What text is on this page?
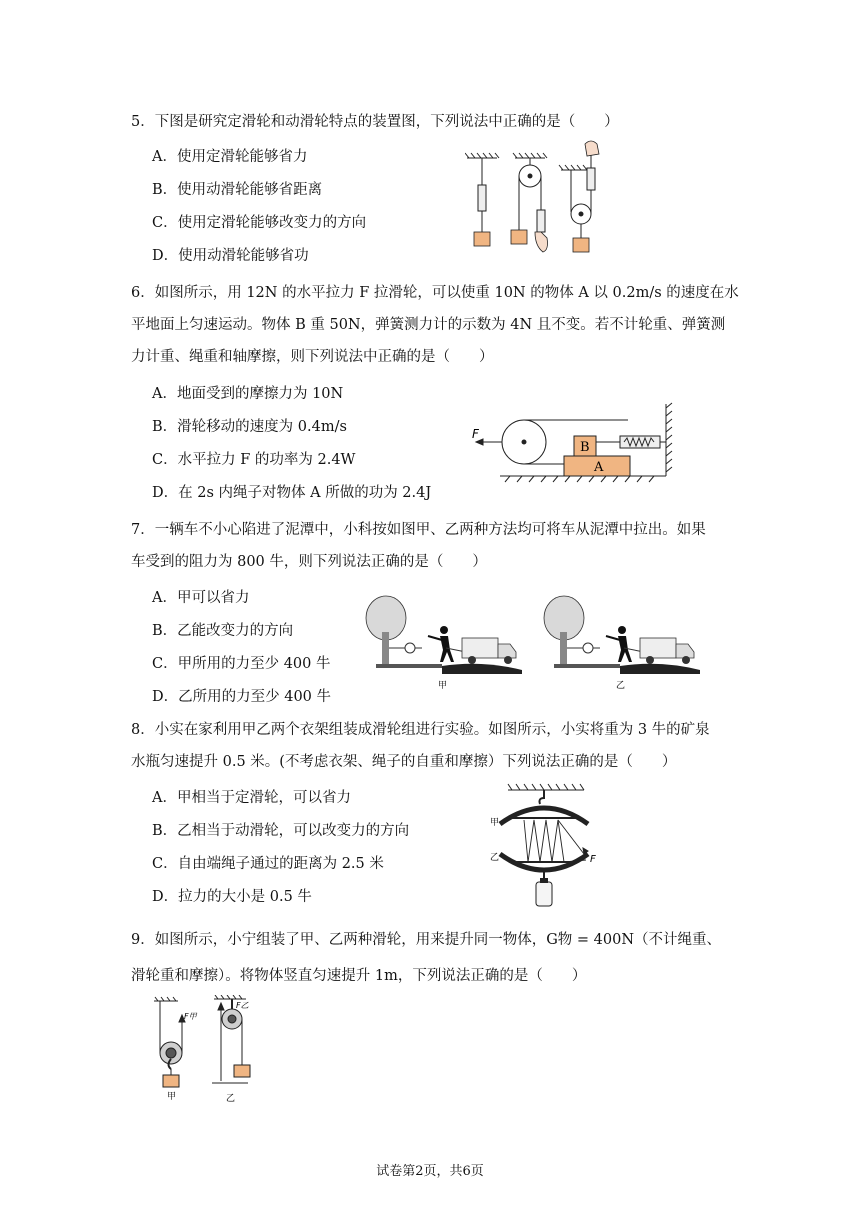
5．下图是研究定滑轮和动滑轮特点的装置图，下列说法中正确的是（　　）
A．使用定滑轮能够省力
B．使用动滑轮能够省距离
C．使用定滑轮能够改变力的方向
D．使用动滑轮能够省功
6．如图所示，用 12N 的水平拉力 F 拉滑轮，可以使重 10N 的物体 A 以 0.2m/s 的速度在水
平地面上匀速运动。物体 B 重 50N，弹簧测力计的示数为 4N 且不变。若不计轮重、弹簧测
力计重、绳重和轴摩擦，则下列说法中正确的是（　　）
A．地面受到的摩擦力为 10N
B．滑轮移动的速度为 0.4m/s
C．水平拉力 F 的功率为 2.4W
D．在 2s 内绳子对物体 A 所做的功为 2.4J
F
B
A
7．一辆车不小心陷进了泥潭中，小科按如图甲、乙两种方法均可将车从泥潭中拉出。如果
车受到的阻力为 800 牛，则下列说法正确的是（　　）
A．甲可以省力
B．乙能改变力的方向
C．甲所用的力至少 400 牛
D．乙所用的力至少 400 牛
甲	乙
8．小实在家利用甲乙两个衣架组装成滑轮组进行实验。如图所示，小实将重为 3 牛的矿泉
水瓶匀速提升 0.5 米。(不考虑衣架、绳子的自重和摩擦）下列说法正确的是（　　）
A．甲相当于定滑轮，可以省力
B．乙相当于动滑轮，可以改变力的方向
C．自由端绳子通过的距离为 2.5 米
D．拉力的大小是 0.5 牛
甲
乙	F
9．如图所示，小宁组装了甲、乙两种滑轮，用来提升同一物体，G物 = 400N（不计绳重、
滑轮重和摩擦）。将物体竖直匀速提升 1m，下列说法正确的是（　　）
F甲
F乙
甲	乙
试卷第2页，共6页
